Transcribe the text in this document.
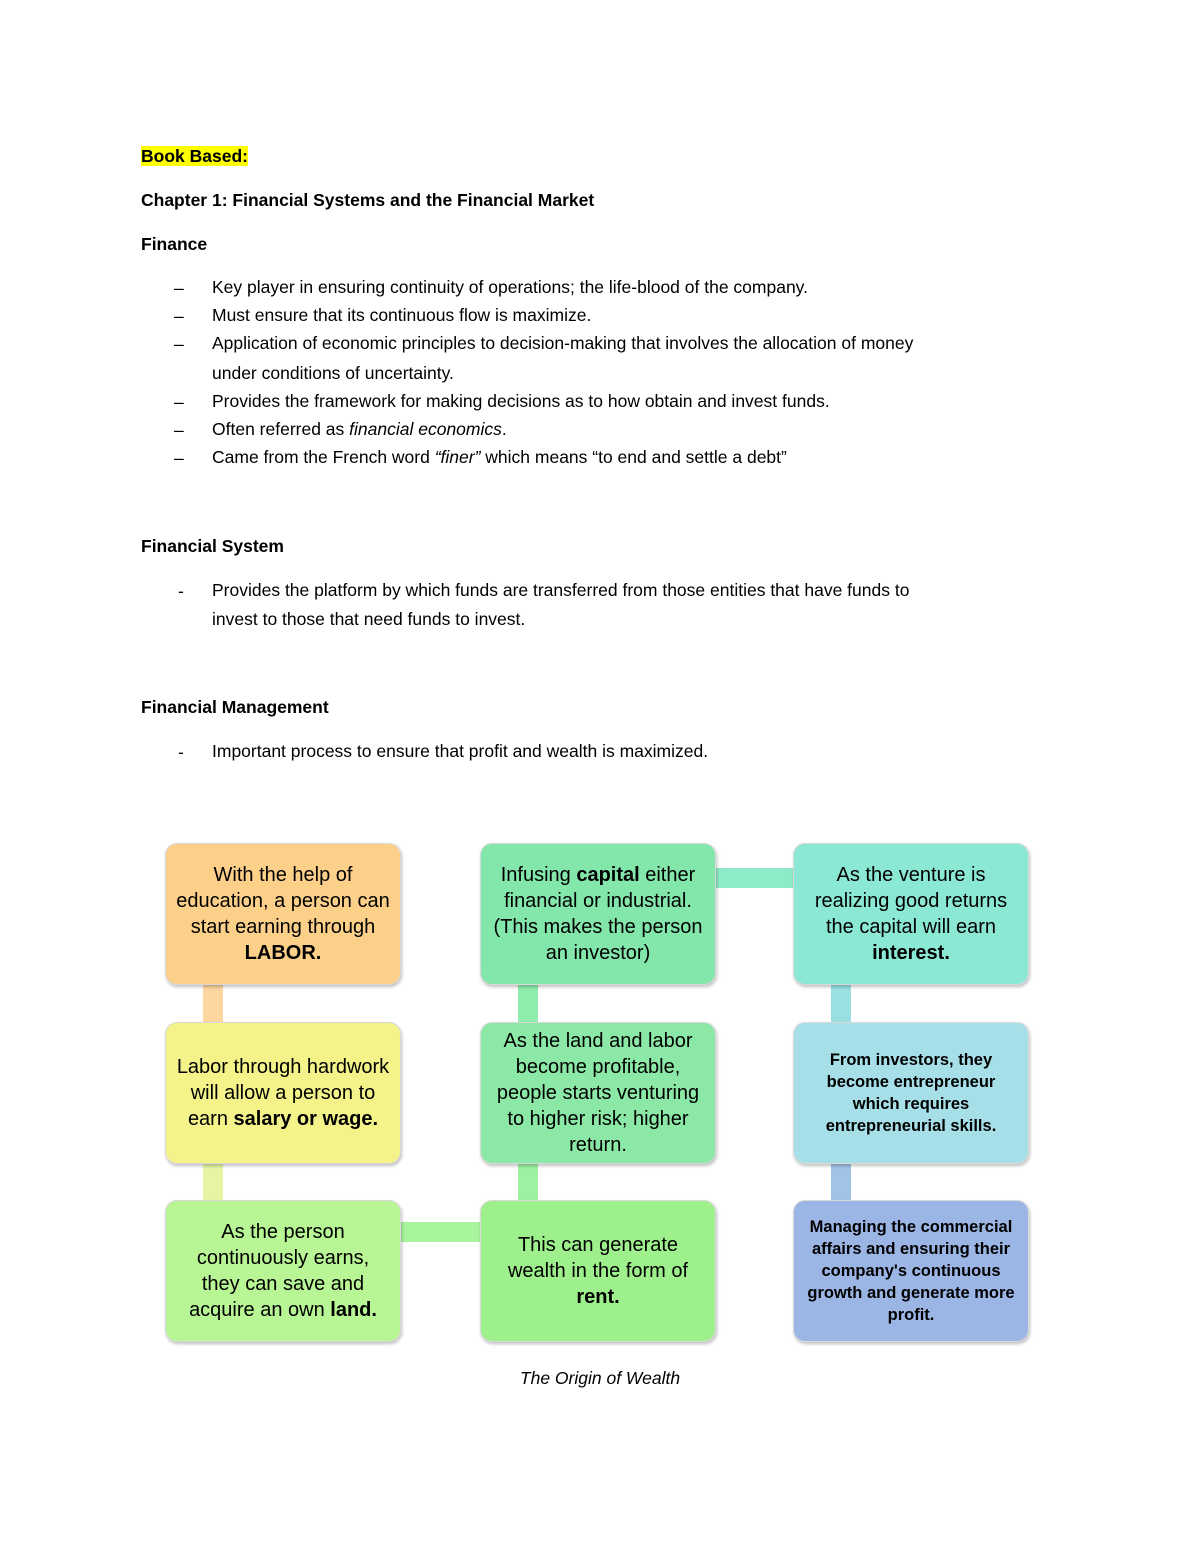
Book Based:
Chapter 1: Financial Systems and the Financial Market
Finance
– Key player in ensuring continuity of operations; the life-blood of the company.
– Must ensure that its continuous flow is maximize.
– Application of economic principles to decision-making that involves the allocation of money
under conditions of uncertainty.
– Provides the framework for making decisions as to how obtain and invest funds.
– Often referred as financial economics.
– Came from the French word “finer” which means “to end and settle a debt”
Financial System
- Provides the platform by which funds are transferred from those entities that have funds to
invest to those that need funds to invest.
Financial Management
- Important process to ensure that profit and wealth is maximized.
With the help of education, a person can start earning through LABOR.
Labor through hardwork will allow a person to earn salary or wage.
As the person continuously earns, they can save and acquire an own land.
Infusing capital either financial or industrial. (This makes the person an investor)
As the land and labor become profitable, people starts venturing to higher risk; higher return.
This can generate wealth in the form of rent.
As the venture is realizing good returns the capital will earn interest.
From investors, they become entrepreneur which requires entrepreneurial skills.
Managing the commercial affairs and ensuring their company's continuous growth and generate more profit.
The Origin of Wealth
